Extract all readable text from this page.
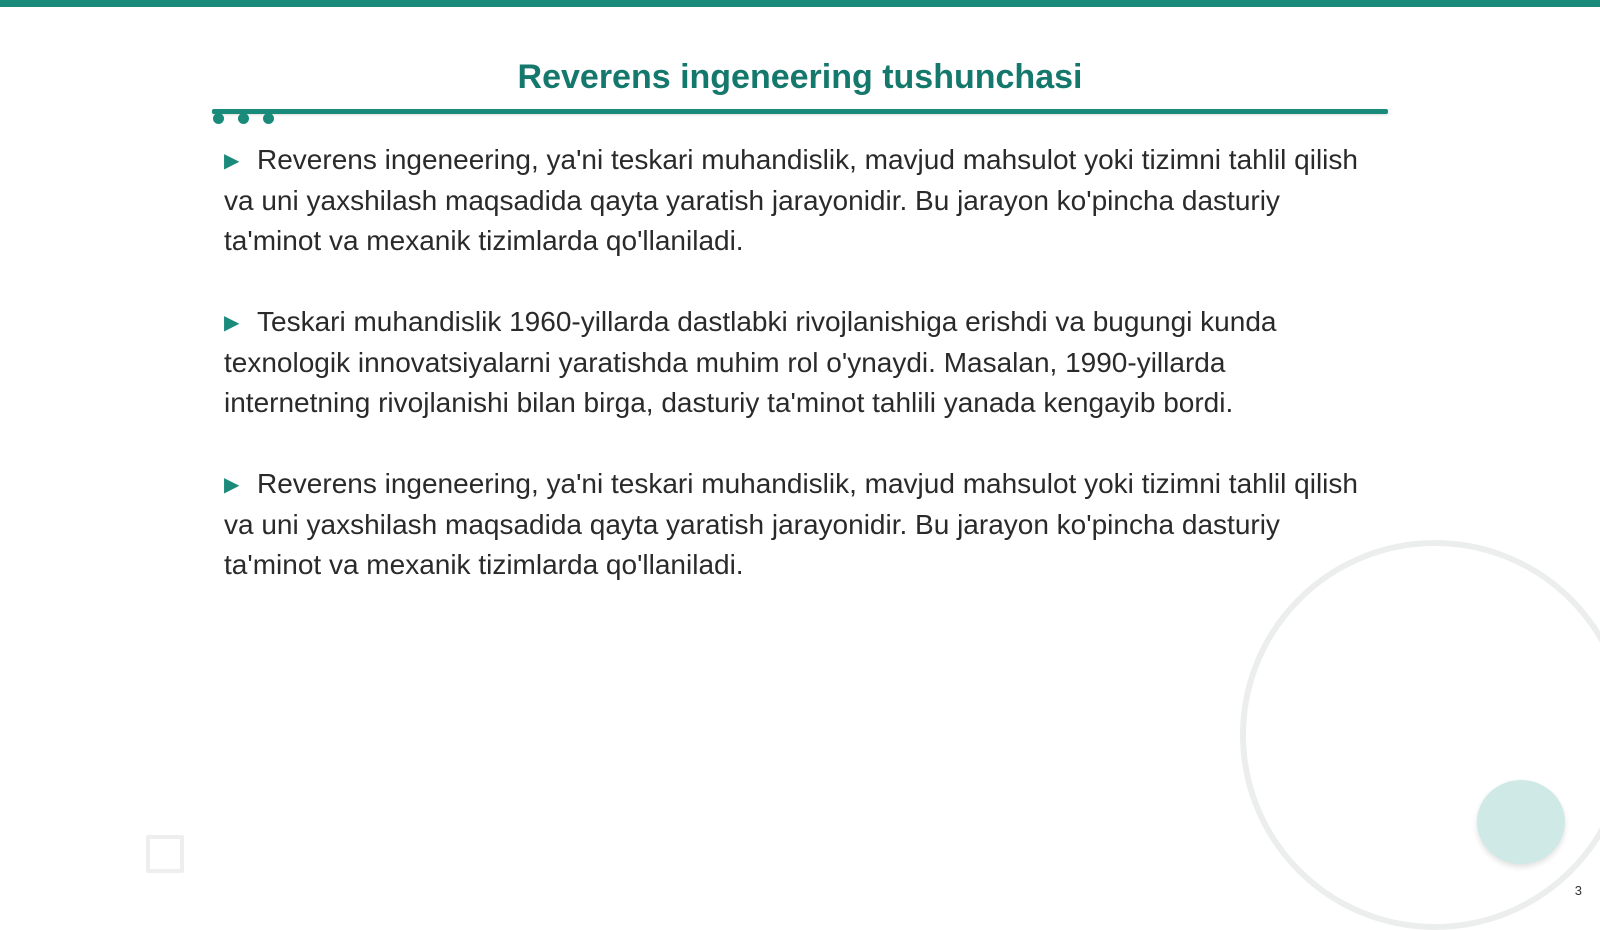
Reverens ingeneering tushunchasi

▶ Reverens ingeneering, ya'ni teskari muhandislik, mavjud mahsulot yoki tizimni tahlil qilish va uni yaxshilash maqsadida qayta yaratish jarayonidir. Bu jarayon ko'pincha dasturiy ta'minot va mexanik tizimlarda qo'llaniladi.

▶ Teskari muhandislik 1960-yillarda dastlabki rivojlanishiga erishdi va bugungi kunda texnologik innovatsiyalarni yaratishda muhim rol o'ynaydi. Masalan, 1990-yillarda internetning rivojlanishi bilan birga, dasturiy ta'minot tahlili yanada kengayib bordi.

▶ Reverens ingeneering, ya'ni teskari muhandislik, mavjud mahsulot yoki tizimni tahlil qilish va uni yaxshilash maqsadida qayta yaratish jarayonidir. Bu jarayon ko'pincha dasturiy ta'minot va mexanik tizimlarda qo'llaniladi.

3
